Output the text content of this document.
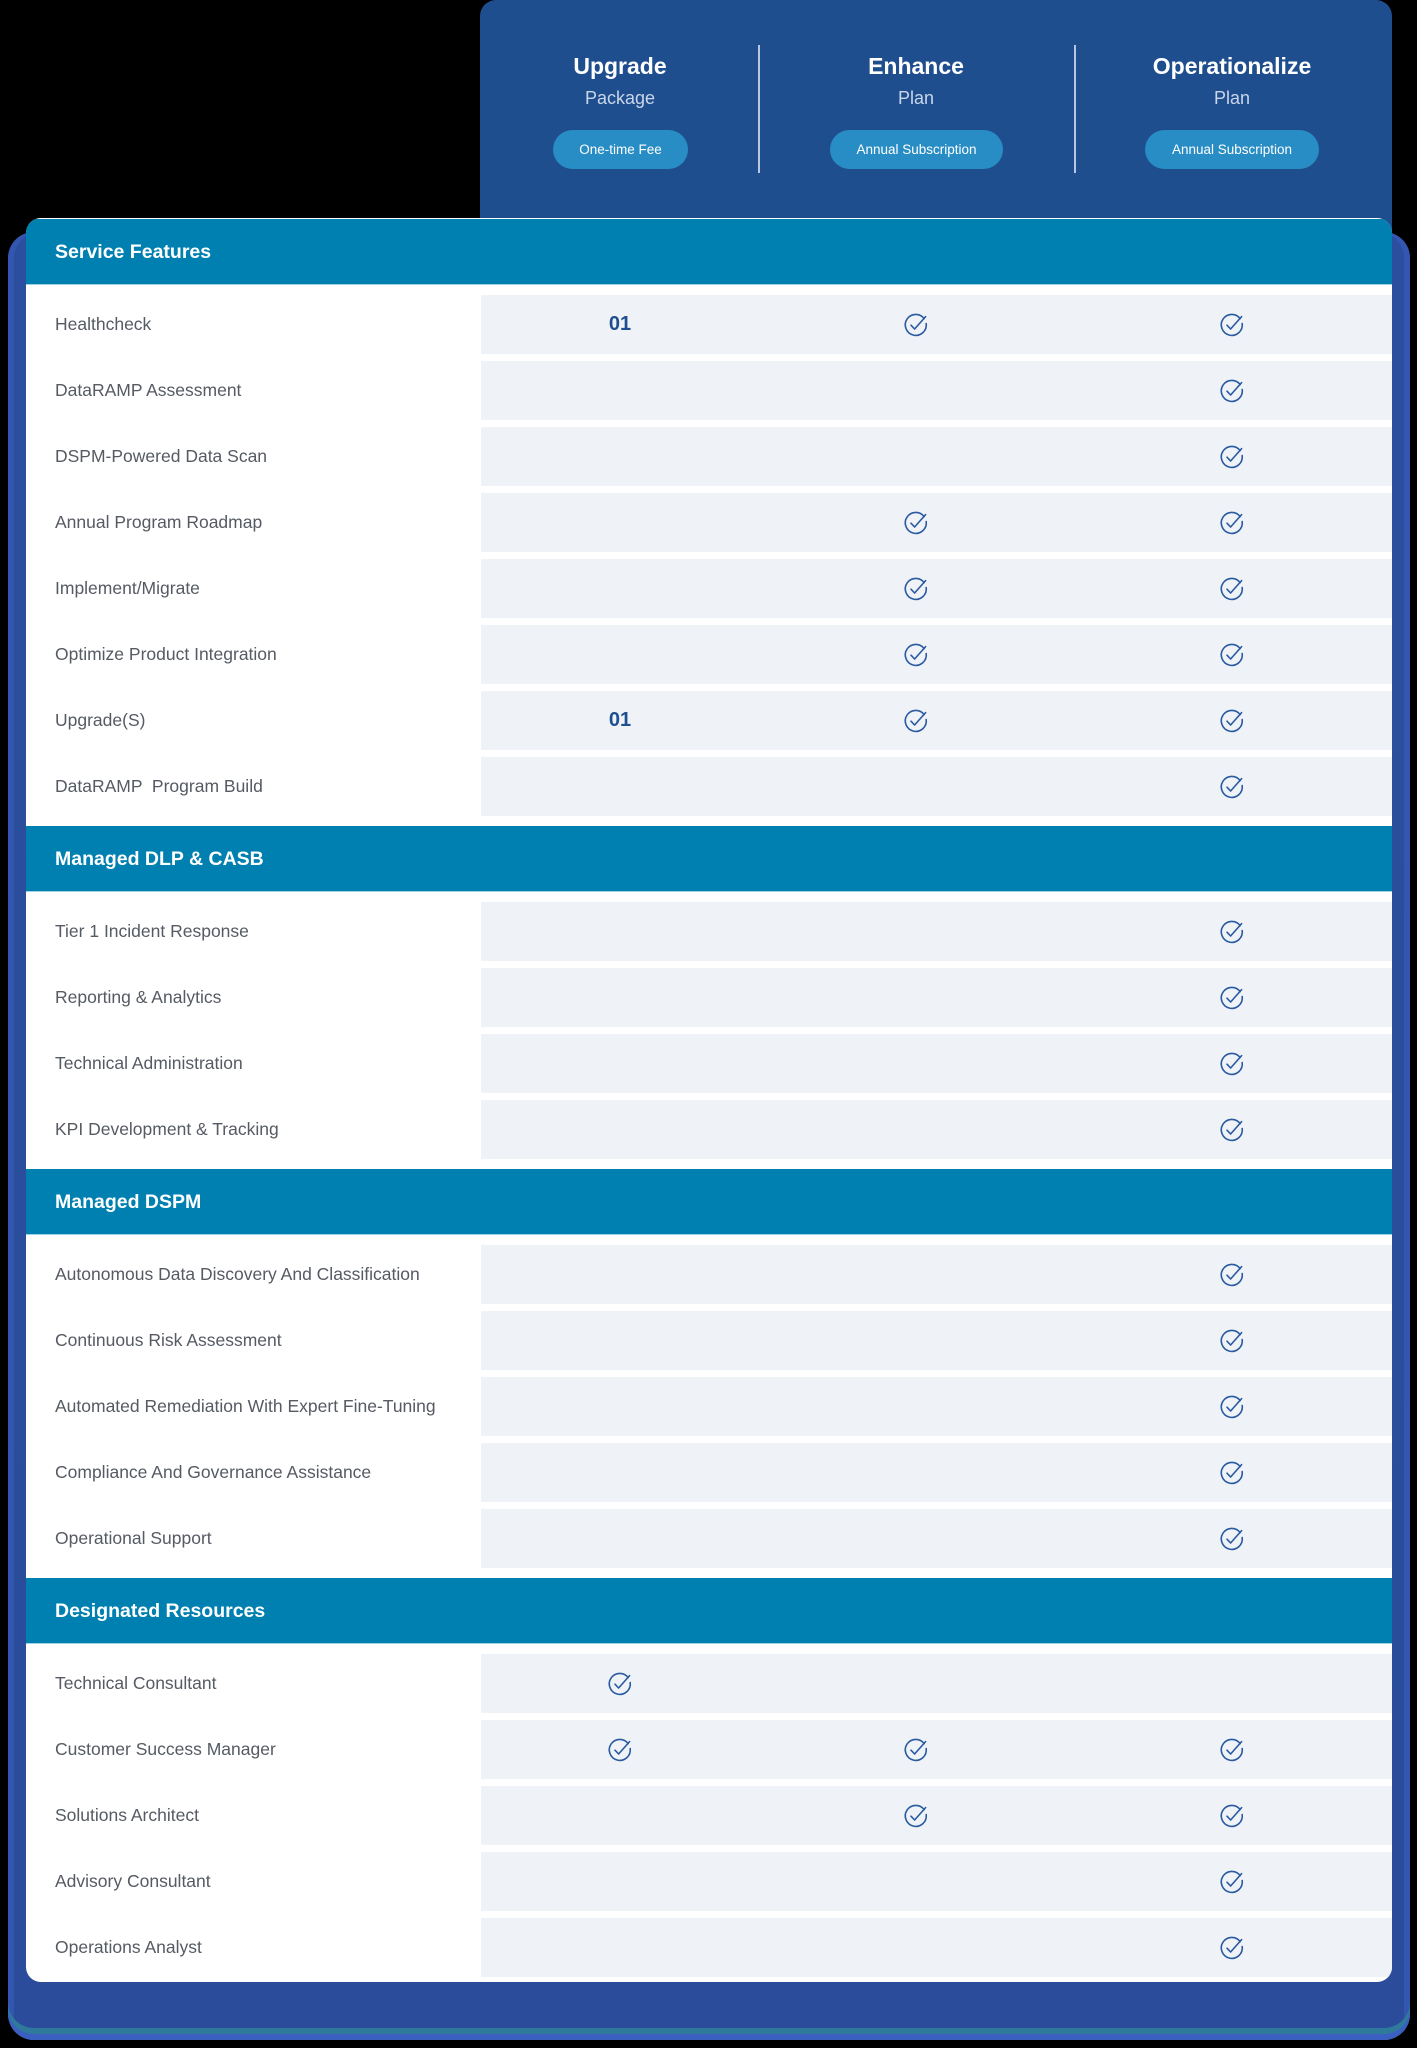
Upgrade
Package
One-time Fee
Enhance
Plan
Annual Subscription
Operationalize
Plan
Annual Subscription
Service Features
Healthcheck	01
DataRAMP Assessment
DSPM-Powered Data Scan
Annual Program Roadmap
Implement/Migrate
Optimize Product Integration
Upgrade(S)	01
DataRAMP  Program Build
Managed DLP & CASB
Tier 1 Incident Response
Reporting & Analytics
Technical Administration
KPI Development & Tracking
Managed DSPM
Autonomous Data Discovery And Classification
Continuous Risk Assessment
Automated Remediation With Expert Fine-Tuning
Compliance And Governance Assistance
Operational Support
Designated Resources
Technical Consultant
Customer Success Manager
Solutions Architect
Advisory Consultant
Operations Analyst
